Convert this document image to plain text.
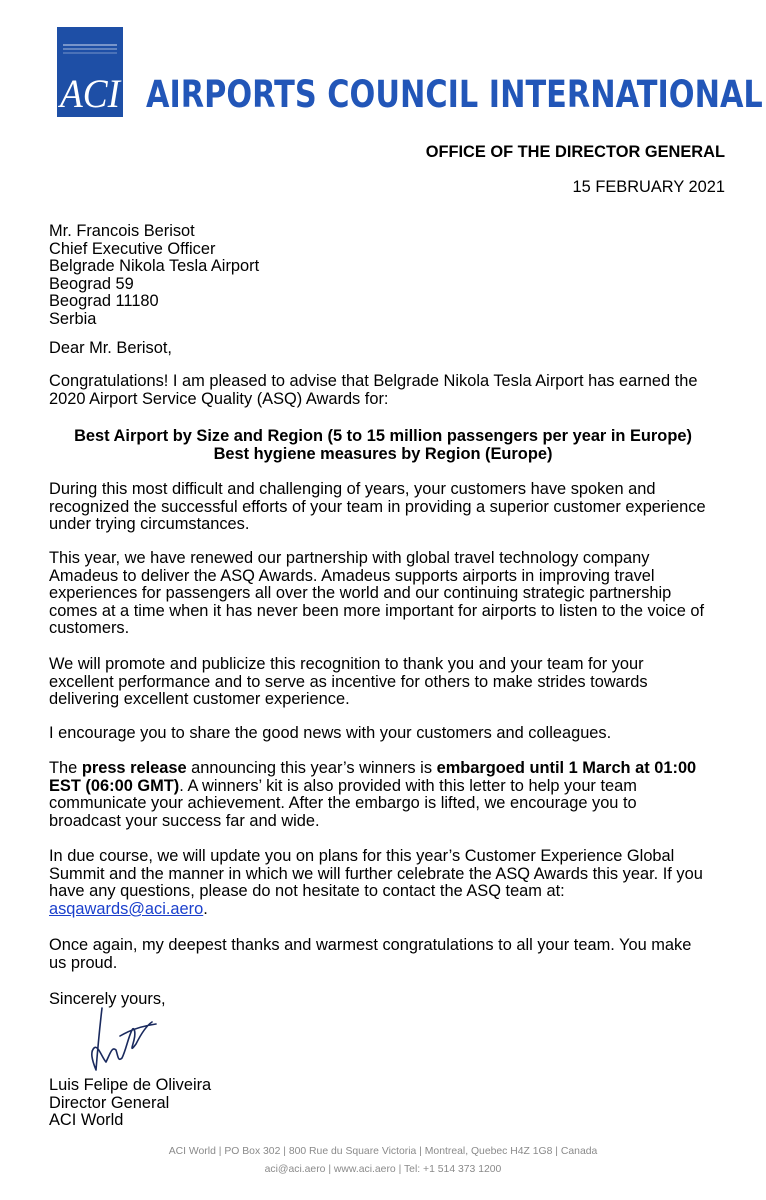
ACI AIRPORTS COUNCIL INTERNATIONAL
OFFICE OF THE DIRECTOR GENERAL
15 FEBRUARY 2021
Mr. Francois Berisot
Chief Executive Officer
Belgrade Nikola Tesla Airport
Beograd 59
Beograd 11180
Serbia
Dear Mr. Berisot,
Congratulations! I am pleased to advise that Belgrade Nikola Tesla Airport has earned the
2020 Airport Service Quality (ASQ) Awards for:
Best Airport by Size and Region (5 to 15 million passengers per year in Europe)
Best hygiene measures by Region (Europe)
During this most difficult and challenging of years, your customers have spoken and
recognized the successful efforts of your team in providing a superior customer experience
under trying circumstances.
This year, we have renewed our partnership with global travel technology company
Amadeus to deliver the ASQ Awards. Amadeus supports airports in improving travel
experiences for passengers all over the world and our continuing strategic partnership
comes at a time when it has never been more important for airports to listen to the voice of
customers.
We will promote and publicize this recognition to thank you and your team for your
excellent performance and to serve as incentive for others to make strides towards
delivering excellent customer experience.
I encourage you to share the good news with your customers and colleagues.
The press release announcing this year’s winners is embargoed until 1 March at 01:00
EST (06:00 GMT). A winners’ kit is also provided with this letter to help your team
communicate your achievement. After the embargo is lifted, we encourage you to
broadcast your success far and wide.
In due course, we will update you on plans for this year’s Customer Experience Global
Summit and the manner in which we will further celebrate the ASQ Awards this year. If you
have any questions, please do not hesitate to contact the ASQ team at:
asqawards@aci.aero.
Once again, my deepest thanks and warmest congratulations to all your team. You make
us proud.
Sincerely yours,
Luis Felipe de Oliveira
Director General
ACI World
ACI World | PO Box 302 | 800 Rue du Square Victoria | Montreal, Quebec H4Z 1G8 | Canada
aci@aci.aero | www.aci.aero | Tel: +1 514 373 1200
